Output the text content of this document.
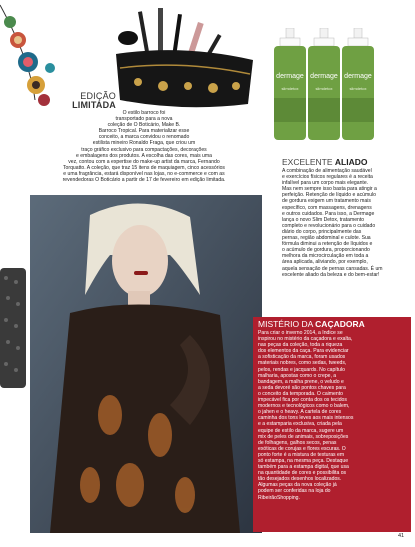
dermage dermage dermage
slimdetox	slimdetox	slimdetox
EDIÇÃO
LIMITADA
O estilo barroco foi
transportado para a nova
coleção de O Boticário, Make B.
Barroco Tropical. Para materializar esse
conceito, a marca convidou o renomado
estilista mineiro Ronaldo Fraga, que criou um
traço gráfico exclusivo para compactações, decorações
e embalagens dos produtos. A escolha das cores, mais uma
vez, contou com a expertise do make-up artist da marca, Fernando
Torquatto. A coleção, que traz 15 itens de maquiagem, cinco acessórios
e uma fragrância, estará disponível nas lojas, no e-commerce e com as
revendedoras O Boticário a partir de 17 de fevereiro em edição limitada.
EXCELENTE ALIADO
A combinação de alimentação saudável
e exercícios físicos regulares é a receita
infalível para um corpo mais elegante.
Mas nem sempre isso basta para atingir a
perfeição. Retenção de líquido e acúmulo
de gordura exigem um tratamento mais
específico, com massagens, drenagens
e outros cuidados. Para isso, a Dermage
lança o novo Slim Detox, tratamento
completo e revolucionário para o cuidado
diário do corpo, principalmente das
pernas, região abdominal e culote. Sua
fórmula diminui a retenção de líquidos e
o acúmulo de gordura, proporcionando
melhora da microcirculação em toda a
área aplicada, aliviando, por exemplo,
aquela sensação de pernas cansadas. É um
excelente aliado da beleza e do bem-estar!
MISTÉRIO DA CAÇADORA
Para criar o inverno 2014, a Indice se
inspirou no mistério da caçadora e exalta,
nas peças da coleção, toda a riqueza
dos elementos da caça. Para evidenciar
a sofisticação da marca, foram usados
materiais nobres, como sedas, tweeds,
pelos, rendas e jacquards. No capítulo
malharia, apostas como o crepe, a
bandagem, a malha prene, o veludo e
a seda devoré são pontos chaves para
o conceito da temporada. O caimento
impecável fica por conta dos os tecidos
modernos e tecnológicos como o balem,
o jahen e o heavy. A cartela de cores
caminha dos tons leves aos mais intensos
e a estamparia exclusiva, criada pela
equipe de estilo da marca, sugere um
mix de peles de animais, sobreposições
de folhagens, galhos secos, penas
exóticas de corujas e flores escuras. O
ponto forte é a mistura de texturas em
só estampa, na mesma peça. Destaque
também para a estampa digital, que usa
na quantidade de cores e possibilita os
tão desejados desenhos localizados.
Algumas peças da nova coleção já
podem ser conferidas na loja do
RibeirãoShopping.
41
